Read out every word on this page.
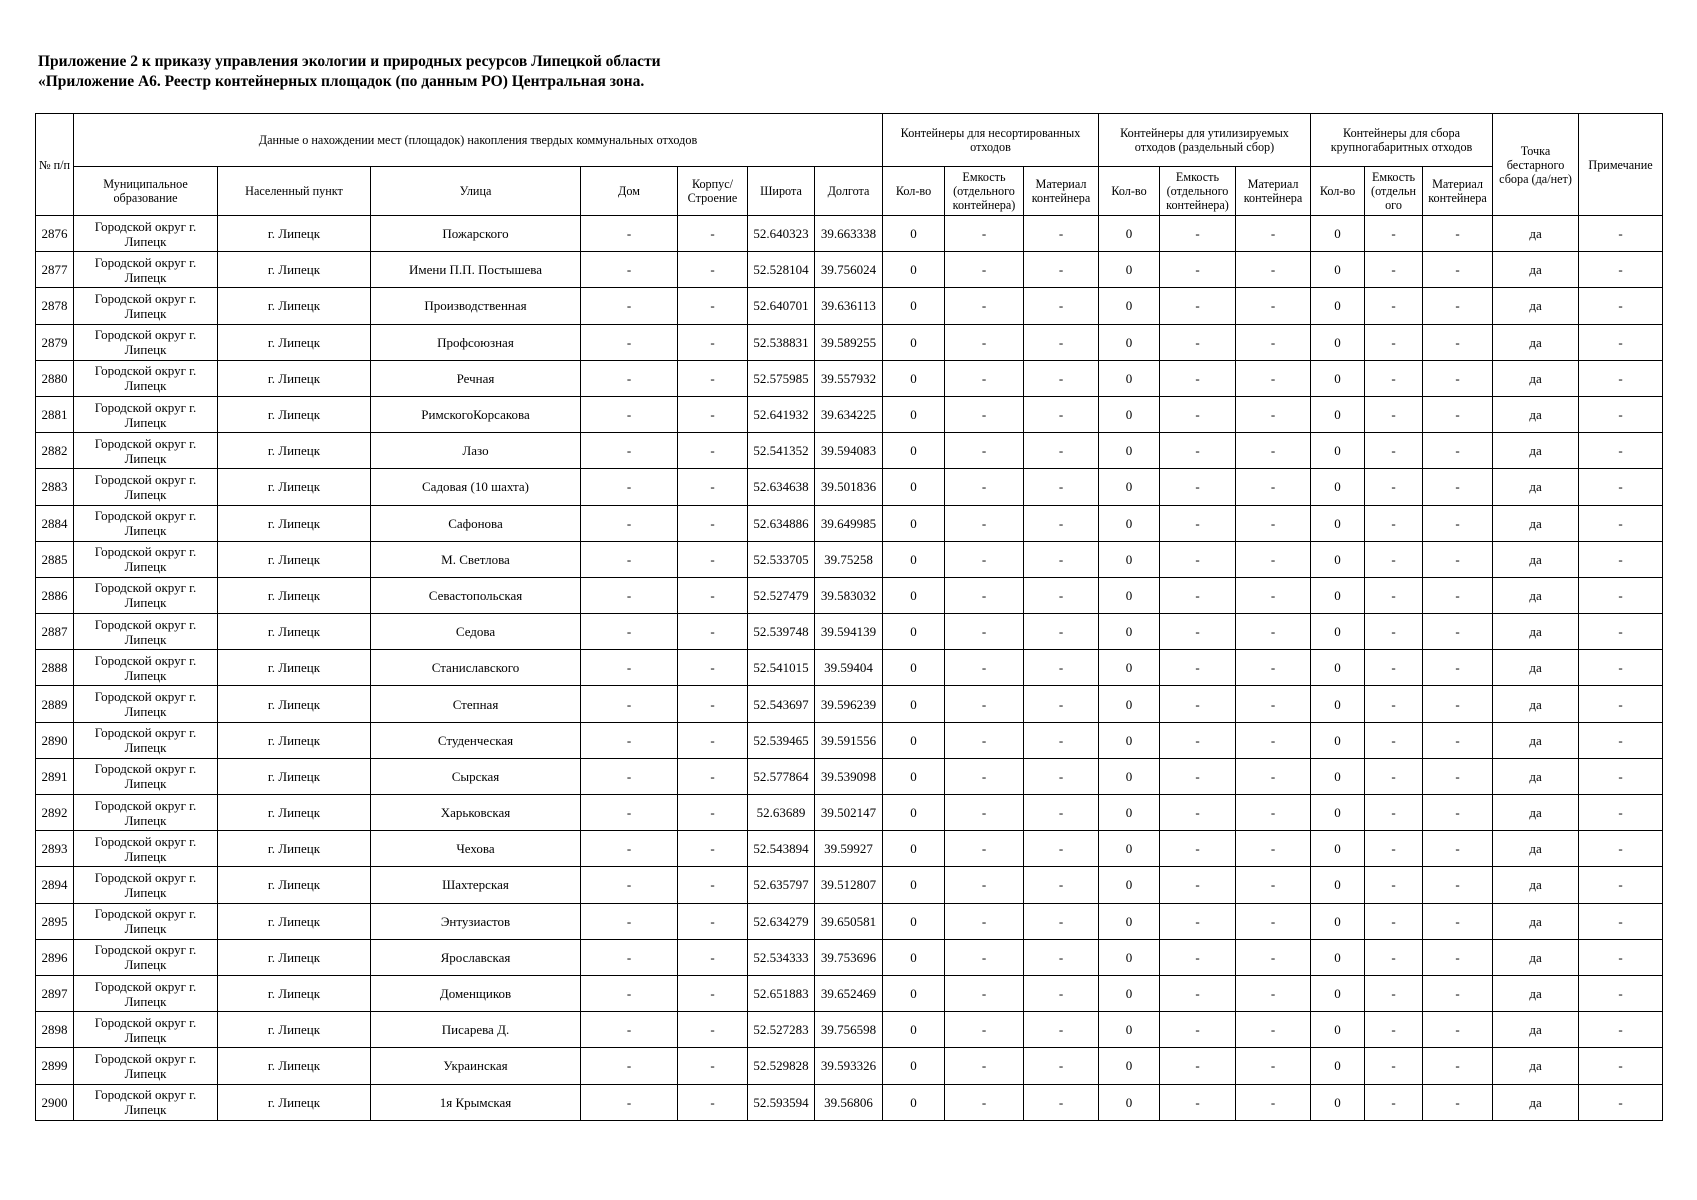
Приложение 2 к приказу управления экологии и природных ресурсов Липецкой области
«Приложение А6. Реестр контейнерных площадок (по данным РО) Центральная зона.
№ п/п	Данные о нахождении мест (площадок) накопления твердых коммунальных отходов							Контейнеры для несортированных отходов			Контейнеры для утилизируемых отходов (раздельный сбор)			Контейнеры для сбора крупногабаритных отходов			Точка бестарного сбора (да/нет)	Примечание
	Муниципальное образование	Населенный пункт	Улица	Дом	Корпус/ Строение	Широта	Долгота	Кол-во	Емкость (отдельного контейнера)	Материал контейнера	Кол-во	Емкость (отдельного контейнера)	Материал контейнера	Кол-во	Емкость (отдельн ого	Материал контейнера		
2876	Городской округ г. Липецк	г. Липецк	Пожарского	-	-	52.640323	39.663338	0	-	-	0	-	-	0	-	-	да	-
2877	Городской округ г. Липецк	г. Липецк	Имени П.П. Постышева	-	-	52.528104	39.756024	0	-	-	0	-	-	0	-	-	да	-
2878	Городской округ г. Липецк	г. Липецк	Производственная	-	-	52.640701	39.636113	0	-	-	0	-	-	0	-	-	да	-
2879	Городской округ г. Липецк	г. Липецк	Профсоюзная	-	-	52.538831	39.589255	0	-	-	0	-	-	0	-	-	да	-
2880	Городской округ г. Липецк	г. Липецк	Речная	-	-	52.575985	39.557932	0	-	-	0	-	-	0	-	-	да	-
2881	Городской округ г. Липецк	г. Липецк	РимскогоКорсакова	-	-	52.641932	39.634225	0	-	-	0	-	-	0	-	-	да	-
2882	Городской округ г. Липецк	г. Липецк	Лазо	-	-	52.541352	39.594083	0	-	-	0	-	-	0	-	-	да	-
2883	Городской округ г. Липецк	г. Липецк	Садовая (10 шахта)	-	-	52.634638	39.501836	0	-	-	0	-	-	0	-	-	да	-
2884	Городской округ г. Липецк	г. Липецк	Сафонова	-	-	52.634886	39.649985	0	-	-	0	-	-	0	-	-	да	-
2885	Городской округ г. Липецк	г. Липецк	М. Светлова	-	-	52.533705	39.75258	0	-	-	0	-	-	0	-	-	да	-
2886	Городской округ г. Липецк	г. Липецк	Севастопольская	-	-	52.527479	39.583032	0	-	-	0	-	-	0	-	-	да	-
2887	Городской округ г. Липецк	г. Липецк	Седова	-	-	52.539748	39.594139	0	-	-	0	-	-	0	-	-	да	-
2888	Городской округ г. Липецк	г. Липецк	Станиславского	-	-	52.541015	39.59404	0	-	-	0	-	-	0	-	-	да	-
2889	Городской округ г. Липецк	г. Липецк	Степная	-	-	52.543697	39.596239	0	-	-	0	-	-	0	-	-	да	-
2890	Городской округ г. Липецк	г. Липецк	Студенческая	-	-	52.539465	39.591556	0	-	-	0	-	-	0	-	-	да	-
2891	Городской округ г. Липецк	г. Липецк	Сырская	-	-	52.577864	39.539098	0	-	-	0	-	-	0	-	-	да	-
2892	Городской округ г. Липецк	г. Липецк	Харьковская	-	-	52.63689	39.502147	0	-	-	0	-	-	0	-	-	да	-
2893	Городской округ г. Липецк	г. Липецк	Чехова	-	-	52.543894	39.59927	0	-	-	0	-	-	0	-	-	да	-
2894	Городской округ г. Липецк	г. Липецк	Шахтерская	-	-	52.635797	39.512807	0	-	-	0	-	-	0	-	-	да	-
2895	Городской округ г. Липецк	г. Липецк	Энтузиастов	-	-	52.634279	39.650581	0	-	-	0	-	-	0	-	-	да	-
2896	Городской округ г. Липецк	г. Липецк	Ярославская	-	-	52.534333	39.753696	0	-	-	0	-	-	0	-	-	да	-
2897	Городской округ г. Липецк	г. Липецк	Доменщиков	-	-	52.651883	39.652469	0	-	-	0	-	-	0	-	-	да	-
2898	Городской округ г. Липецк	г. Липецк	Писарева Д.	-	-	52.527283	39.756598	0	-	-	0	-	-	0	-	-	да	-
2899	Городской округ г. Липецк	г. Липецк	Украинская	-	-	52.529828	39.593326	0	-	-	0	-	-	0	-	-	да	-
2900	Городской округ г. Липецк	г. Липецк	1я Крымская	-	-	52.593594	39.56806	0	-	-	0	-	-	0	-	-	да	-
